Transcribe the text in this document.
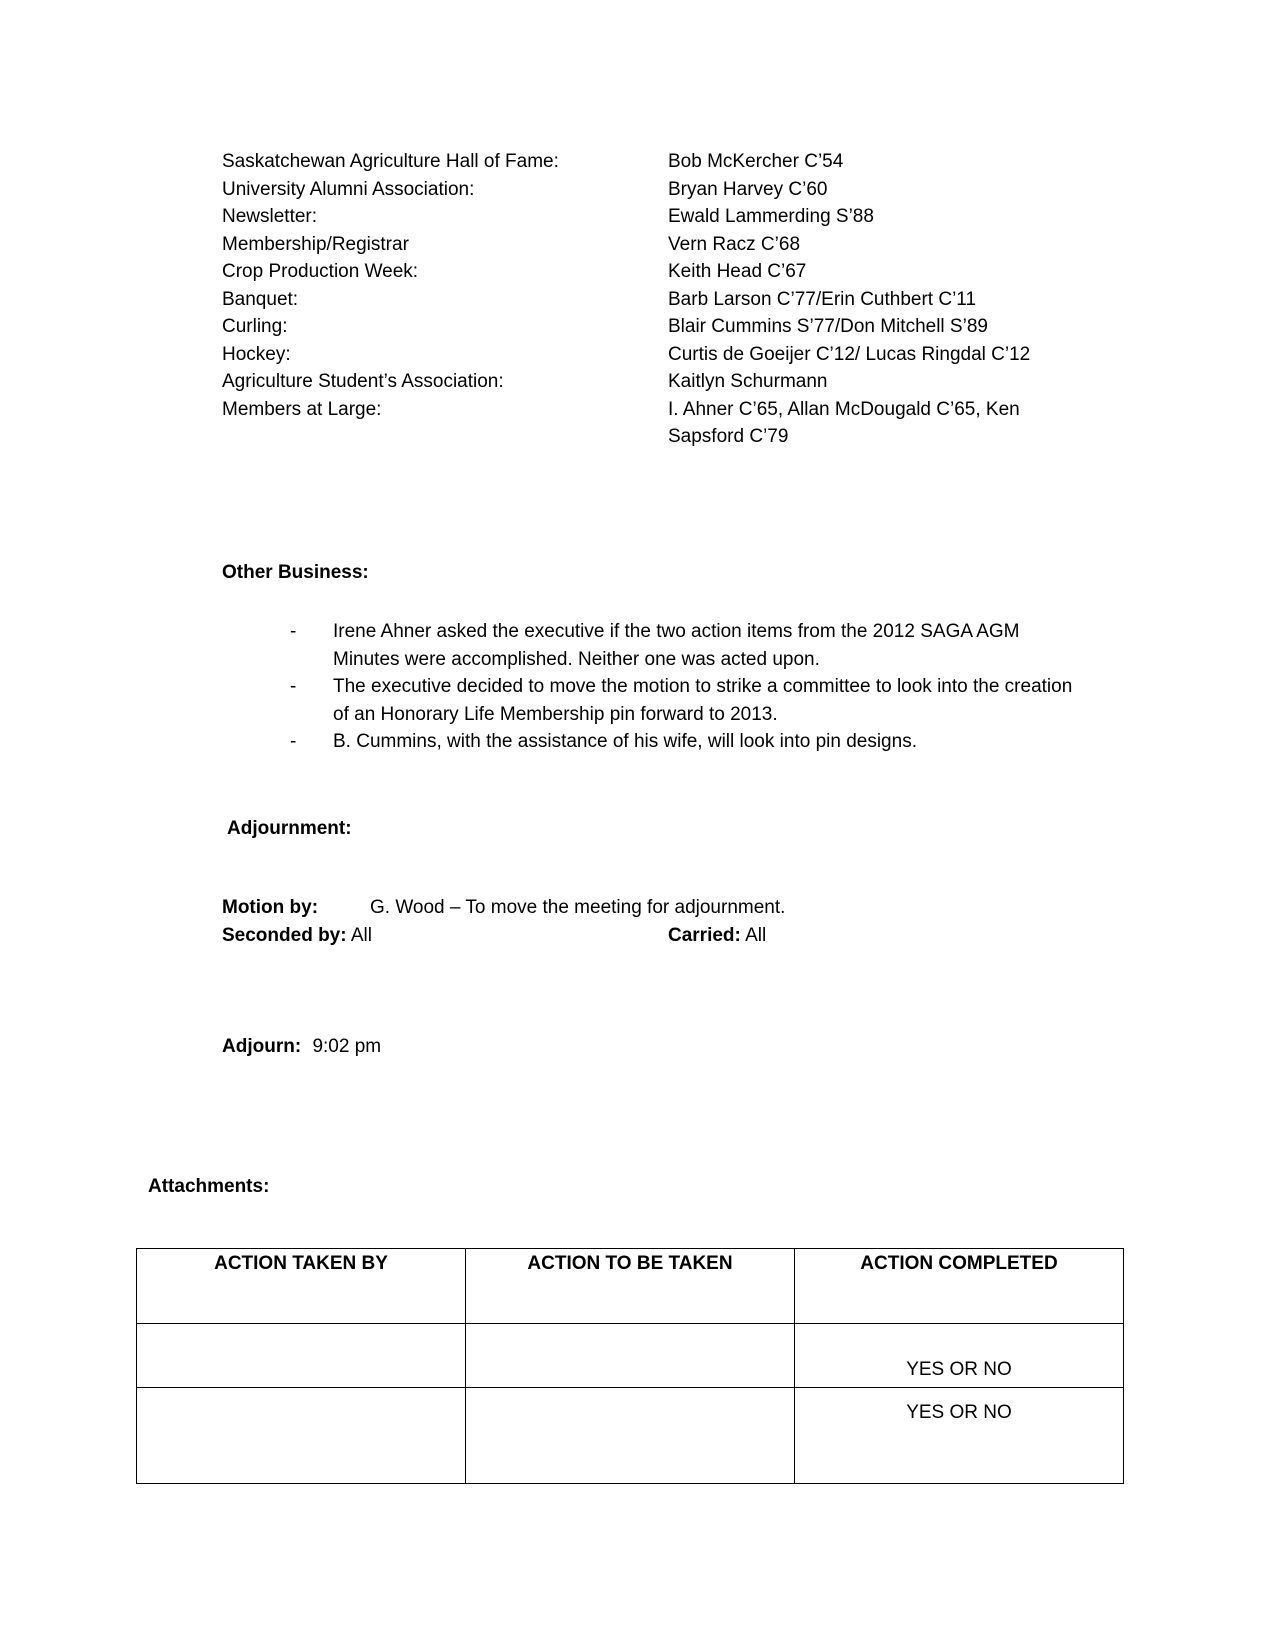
Saskatchewan Agriculture Hall of Fame:	Bob McKercher C’54
University Alumni Association:	Bryan Harvey C’60
Newsletter:	Ewald Lammerding S’88
Membership/Registrar	Vern Racz C’68
Crop Production Week:	Keith Head C’67
Banquet:	Barb Larson C’77/Erin Cuthbert C’11
Curling:	Blair Cummins S’77/Don Mitchell S’89
Hockey:	Curtis de Goeijer C’12/ Lucas Ringdal C’12
Agriculture Student’s Association:	Kaitlyn Schurmann
Members at Large:	I. Ahner C’65, Allan McDougald C’65, Ken Sapsford C’79
Other Business:
-	Irene Ahner asked the executive if the two action items from the 2012 SAGA AGM Minutes were accomplished. Neither one was acted upon.
-	The executive decided to move the motion to strike a committee to look into the creation of an Honorary Life Membership pin forward to 2013.
-	B. Cummins, with the assistance of his wife, will look into pin designs.
Adjournment:
Motion by:	G. Wood – To move the meeting for adjournment.
Seconded by: All	Carried: All
Adjourn: 9:02 pm
Attachments:
ACTION TAKEN BY	ACTION TO BE TAKEN	ACTION COMPLETED
		YES OR NO
		YES OR NO
